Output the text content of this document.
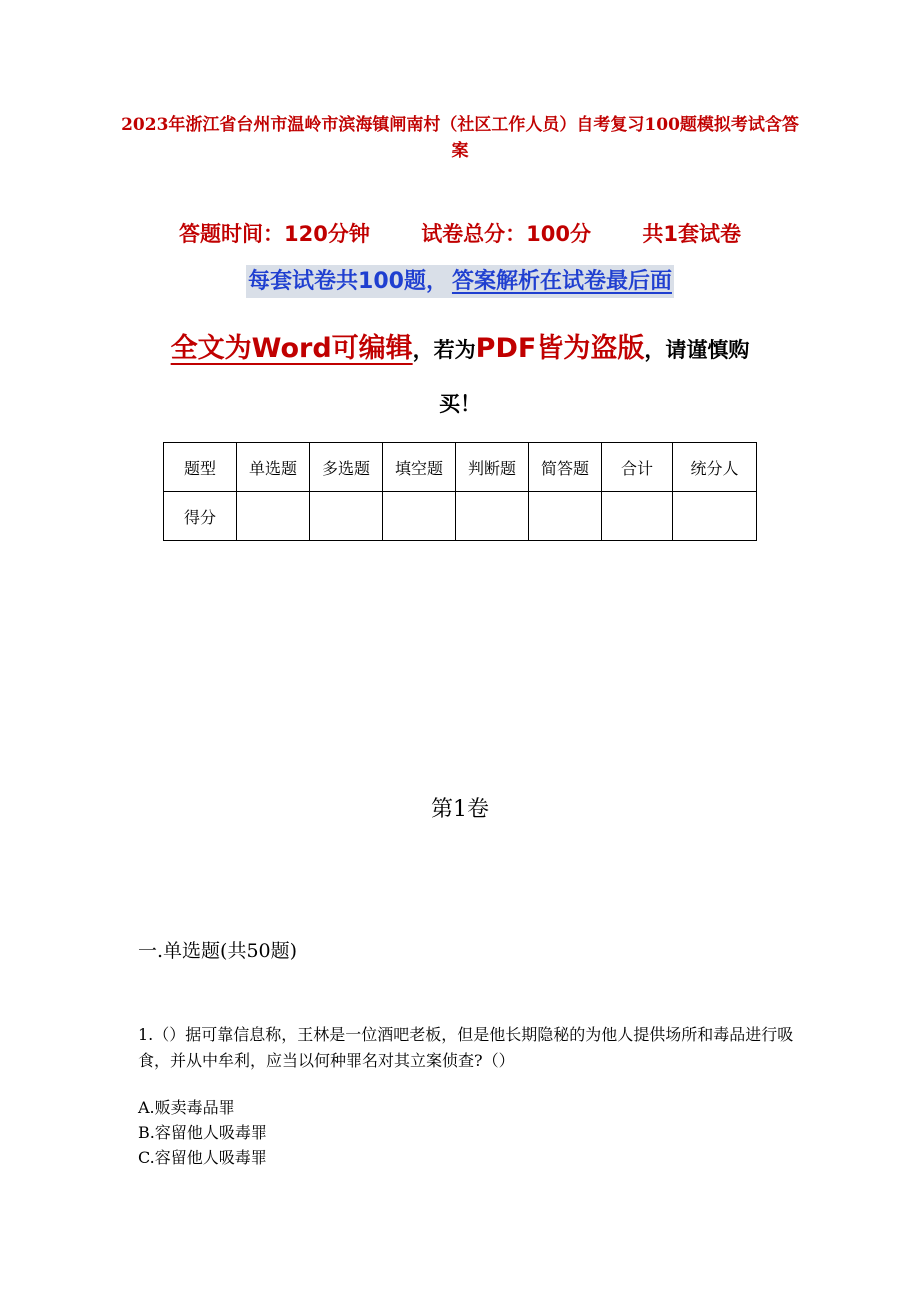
2023年浙江省台州市温岭市滨海镇闸南村（社区工作人员）自考复习100题模拟考试含答案
答题时间：120分钟 试卷总分：100分 共1套试卷
每套试卷共100题， 答案解析在试卷最后面
全文为Word可编辑，若为PDF皆为盗版，请谨慎购
买！
题型	单选题	多选题	填空题	判断题	简答题	合计	统分人
得分							
第1卷
一.单选题(共50题)
1.（）据可靠信息称，王林是一位酒吧老板，但是他长期隐秘的为他人提供场所和毒品进行吸食，并从中牟利，应当以何种罪名对其立案侦查?（）
A.贩卖毒品罪
B.容留他人吸毒罪
C.容留他人吸毒罪
